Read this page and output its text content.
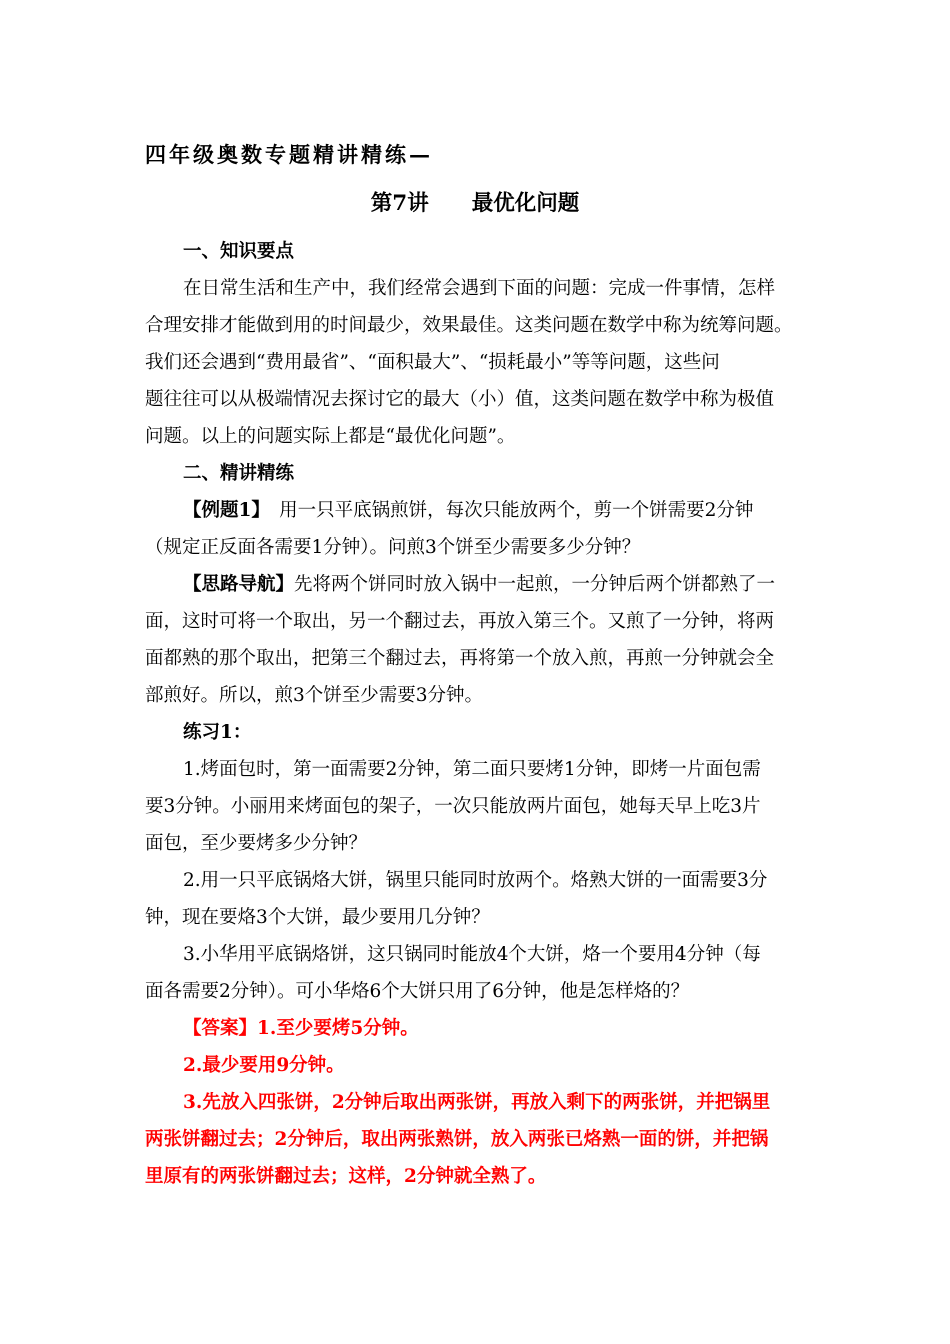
四年级奥数专题精讲精练—
第7讲　　最优化问题
一、知识要点
在日常生活和生产中，我们经常会遇到下面的问题：完成一件事情，怎样
合理安排才能做到用的时间最少，效果最佳。这类问题在数学中称为统筹问题。
我们还会遇到“费用最省”、“面积最大”、“损耗最小”等等问题，这些问
题往往可以从极端情况去探讨它的最大（小）值，这类问题在数学中称为极值
问题。以上的问题实际上都是“最优化问题”。
二、精讲精练
【例题1】　用一只平底锅煎饼，每次只能放两个，剪一个饼需要2分钟
（规定正反面各需要1分钟）。问煎3个饼至少需要多少分钟？
【思路导航】先将两个饼同时放入锅中一起煎，一分钟后两个饼都熟了一
面，这时可将一个取出，另一个翻过去，再放入第三个。又煎了一分钟，将两
面都熟的那个取出，把第三个翻过去，再将第一个放入煎，再煎一分钟就会全
部煎好。所以，煎3个饼至少需要3分钟。
练习1：
1.烤面包时，第一面需要2分钟，第二面只要烤1分钟，即烤一片面包需
要3分钟。小丽用来烤面包的架子，一次只能放两片面包，她每天早上吃3片
面包，至少要烤多少分钟？
2.用一只平底锅烙大饼，锅里只能同时放两个。烙熟大饼的一面需要3分
钟，现在要烙3个大饼，最少要用几分钟？
3.小华用平底锅烙饼，这只锅同时能放4个大饼，烙一个要用4分钟（每
面各需要2分钟）。可小华烙6个大饼只用了6分钟，他是怎样烙的？
【答案】1.至少要烤5分钟。
2.最少要用9分钟。
3.先放入四张饼，2分钟后取出两张饼，再放入剩下的两张饼，并把锅里
两张饼翻过去；2分钟后，取出两张熟饼，放入两张已烙熟一面的饼，并把锅
里原有的两张饼翻过去；这样，2分钟就全熟了。
